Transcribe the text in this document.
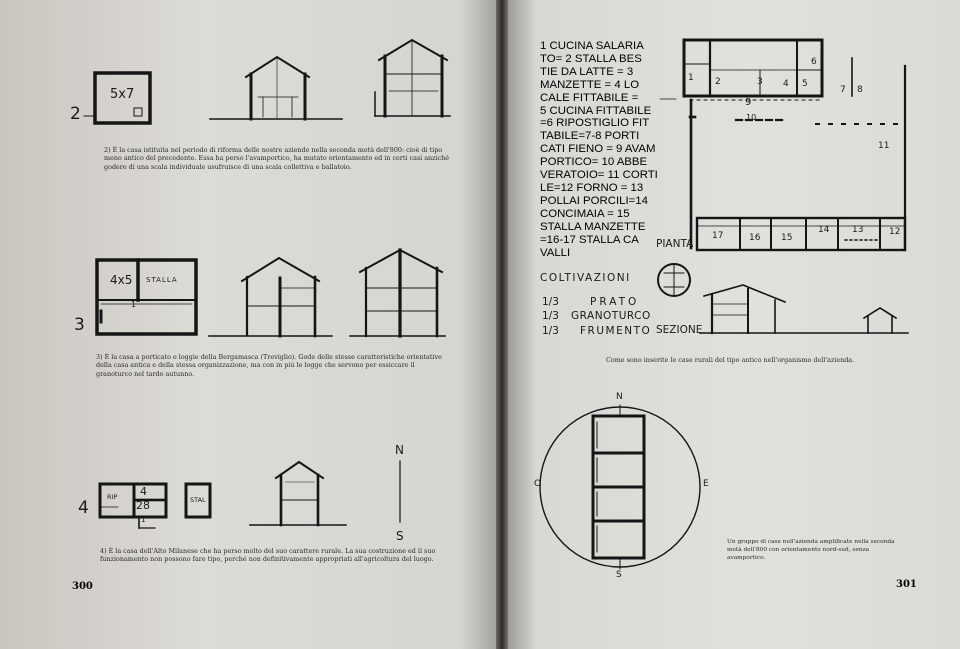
2
5x7
2) È la casa istituita nel periodo di riforma delle nostre aziende nella seconda metà dell'800: cioè di tipo meno antico del precedente. Essa ha perso l'avamportico, ha mutato orientamento ed in certi casi anziché godere di una scala individuale usufruisce di una scala collettiva e ballatoio.
3
4x5 STALLA
1
3) È la casa a porticato e loggie della Bergamasca (Treviglio). Gode delle stesse caratteristiche orientative della casa antica e della stessa organizzazione, ma con in più le logge che servono per essiccare il granoturco nel tardo autunno.
4
RIP 4
28	STAL
1
N
S
4) È la casa dell'Alto Milanese che ha perso molto del suo carattere rurale. La sua costruzione ed il suo funzionamento non possono fare tipo, perché non definitivamente appropriati all'agricoltura del luogo.
300
1 CUCINA SALARIA
TO= 2 STALLA BES
TIE DA LATTE = 3
MANZETTE = 4 LO
CALE FITTABILE =
5 CUCINA FITTABILE
=6 RIPOSTIGLIO FIT
TABILE=7-8 PORTI
CATI FIENO = 9 AVAM
PORTICO= 10 ABBE
VERATOIO= 11 CORTI
LE=12 FORNO = 13
POLLAI PORCILI=14
CONCIMAIA = 15
STALLA MANZETTE
=16-17 STALLA CA
VALLI
PIANTA
1 2	3 4 5
6
7 8
9
10
11
12
13
14
15
16
17
COLTIVAZIONI
1/3	PRATO
1/3 GRANOTURCO
1/3 FRUMENTO SEZIONE
Come sono inserite le case rurali del tipo antico nell'organismo dell'azienda.
N
S
O	E
Un gruppo di case nell'azienda amplificate nella seconda metà dell'800 con orientamento nord-sud, senza avamportico.
301
